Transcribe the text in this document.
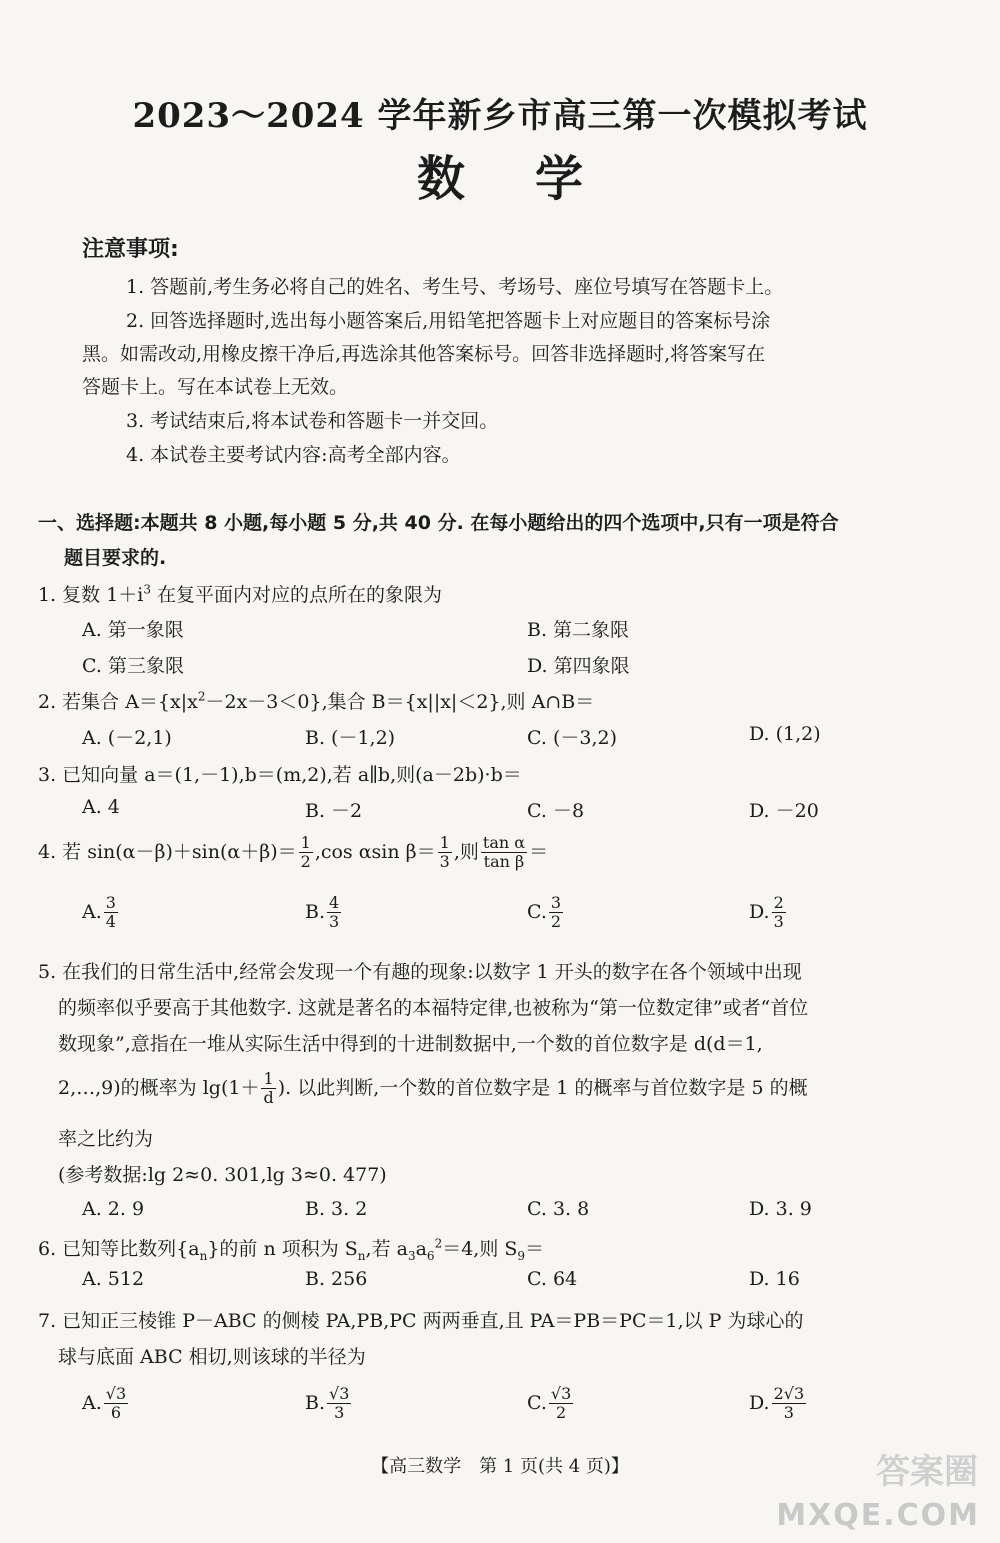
2023～2024 学年新乡市高三第一次模拟考试
数学
注意事项:
1. 答题前,考生务必将自己的姓名、考生号、考场号、座位号填写在答题卡上。
2. 回答选择题时,选出每小题答案后,用铅笔把答题卡上对应题目的答案标号涂
黑。如需改动,用橡皮擦干净后,再选涂其他答案标号。回答非选择题时,将答案写在
答题卡上。写在本试卷上无效。
3. 考试结束后,将本试卷和答题卡一并交回。
4. 本试卷主要考试内容:高考全部内容。
一、选择题:本题共 8 小题,每小题 5 分,共 40 分. 在每小题给出的四个选项中,只有一项是符合
题目要求的.
1. 复数 $1+i^3$ 在复平面内对应的点所在的象限为
A. 第一象限	B. 第二象限
C. 第三象限	D. 第四象限
2. 若集合 $A=\{x|x^2-2x-3<0\}$,集合 B＝{x||x|＜2},则 A∩B＝
A. (－2,1)	B. (－1,2)	C. (－3,2)	D. (1,2)
3. 已知向量 a＝(1,－1),b＝(m,2),若 a∥b,则(a－2b)·b＝
A. 4	B. －2	C. －8	D. －20
4. 若 $\sin(\alpha-\beta)+\sin(\alpha+\beta)= \frac{1}{2} ,\cos$ αsin $\beta= \frac{1}{3}$ ,则 $\frac{\text{tan α}}{\text{tan β}}$ ＝
A. $\frac{3}{4}$	B. $\frac{4}{3}$	C. $\frac{3}{2}$	D. $\frac{2}{3}$
5. 在我们的日常生活中,经常会发现一个有趣的现象:以数字 1 开头的数字在各个领域中出现
的频率似乎要高于其他数字. 这就是著名的本福特定律,也被称为“第一位数定律”或者“首位
数现象”,意指在一堆从实际生活中得到的十进制数据中,一个数的首位数字是 d(d＝1,
2,…,9)的概率为 $\lg(1+ \frac{1}{d}$ ). 以此判断,一个数的首位数字是 1 的概率与首位数字是 5 的概
率之比约为
(参考数据:lg 2≈0. 301,lg 3≈0. 477)
A. 2. 9	B. 3. 2	C. 3. 8	D. 3. 9
6. 已知等比数列$\{a_n\}$的前 n 项积为 $S_n$,若 $a_3a_6^2=4$,则 $S_9=$
A. 512	B. 256	C. 64	D. 16
7. 已知正三棱锥 P－ABC 的侧棱 PA,PB,PC 两两垂直,且 PA＝PB＝PC＝1,以 P 为球心的
球与底面 ABC 相切,则该球的半径为
A. $\frac{√3}{6}$	B. $\frac{√3}{3}$	C. $\frac{√3}{2}$	D. $\frac{2√3}{3}$
【高三数学　第 1 页(共 4 页)】	答案圈
MXQE.COM
